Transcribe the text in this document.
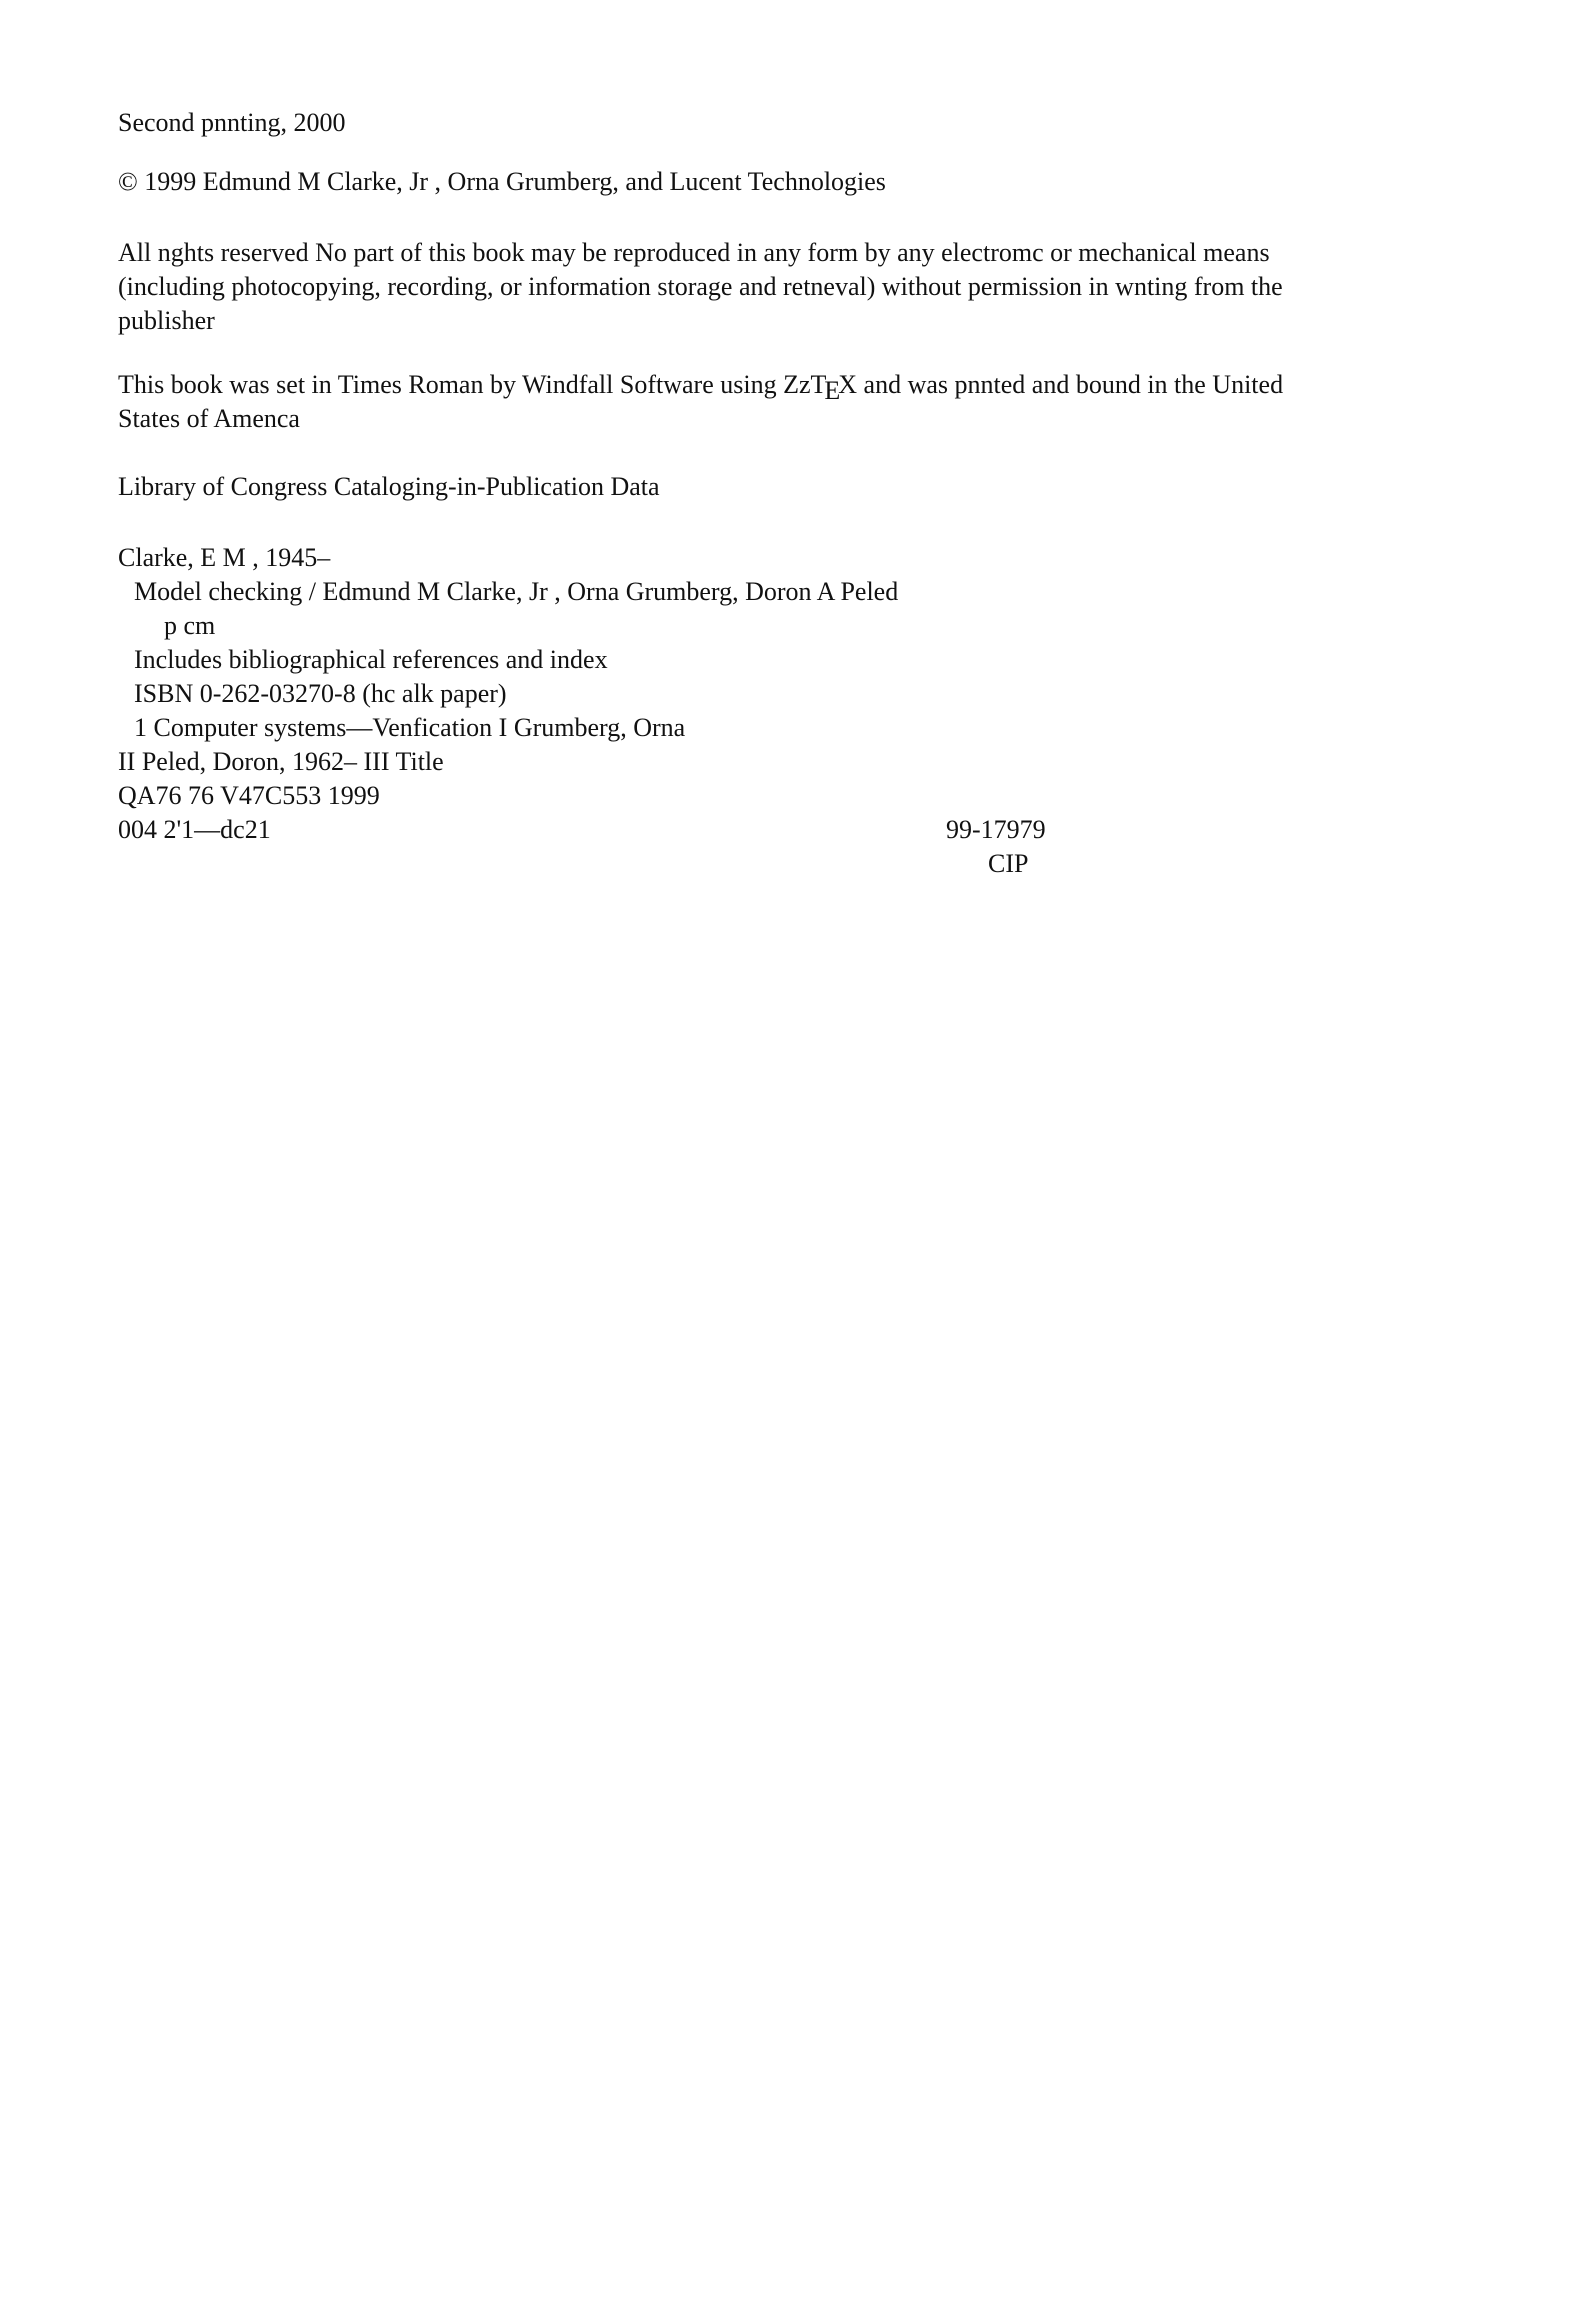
Second pnnting, 2000
© 1999 Edmund M Clarke, Jr , Orna Grumberg, and Lucent Technologies
All nghts reserved No part of this book may be reproduced in any form by any electromc or mechanical means
(including photocopying, recording, or information storage and retneval) without permission in wnting from the
publisher
This book was set in Times Roman by Windfall Software using ZzTEX and was pnnted and bound in the United
States of Amenca
Library of Congress Cataloging-in-Publication Data
Clarke, E M , 1945–
Model checking / Edmund M Clarke, Jr , Orna Grumberg, Doron A Peled
p cm
Includes bibliographical references and index
ISBN 0-262-03270-8 (hc alk paper)
1 Computer systems—Venfication I Grumberg, Orna
II Peled, Doron, 1962– III Title
QA76 76 V47C553 1999
004 2'1—dc21	99-17979
CIP
